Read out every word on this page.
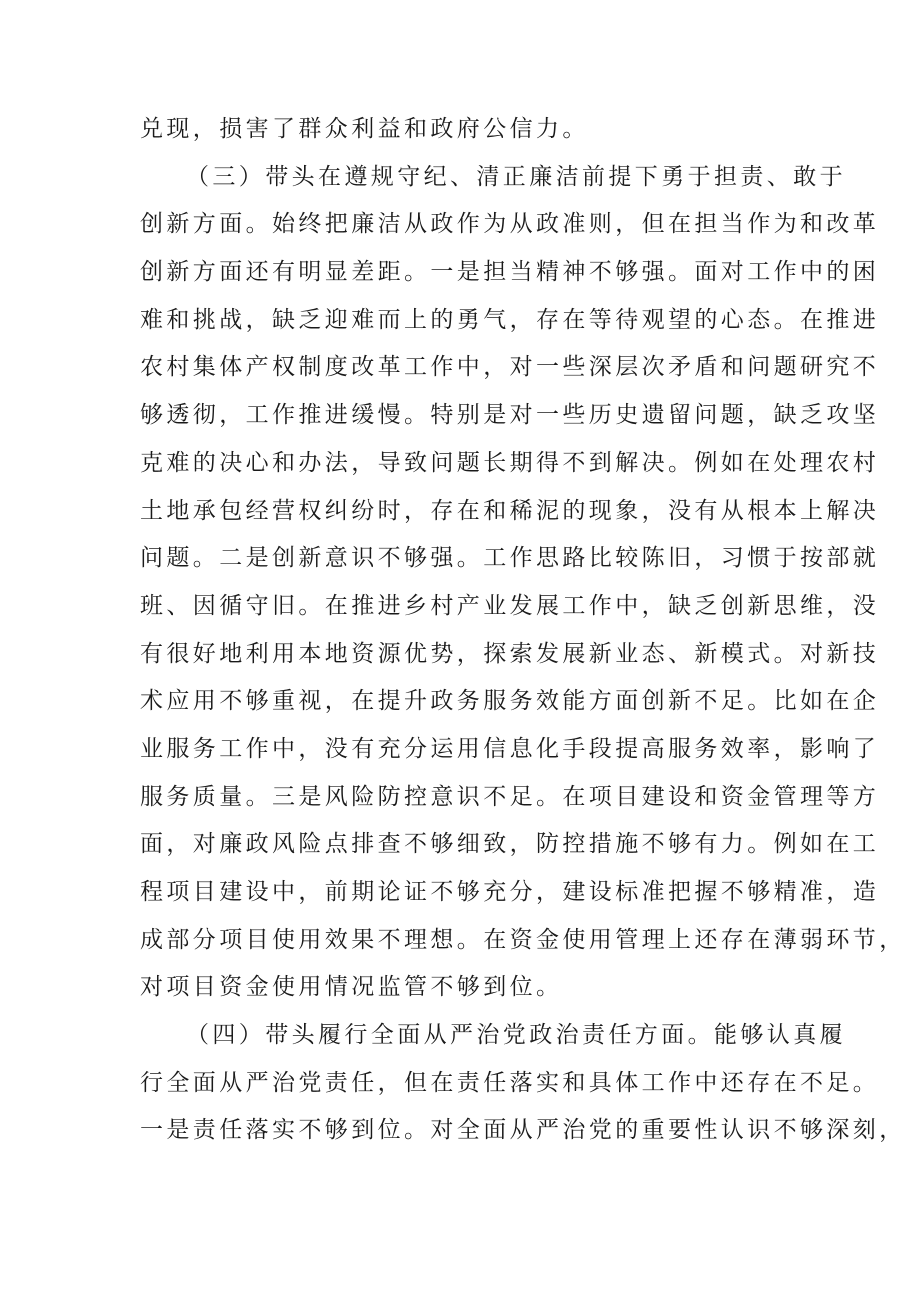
兑现，损害了群众利益和政府公信力。
（三）带头在遵规守纪、清正廉洁前提下勇于担责、敢于
创新方面。始终把廉洁从政作为从政准则，但在担当作为和改革
创新方面还有明显差距。一是担当精神不够强。面对工作中的困
难和挑战，缺乏迎难而上的勇气，存在等待观望的心态。在推进
农村集体产权制度改革工作中，对一些深层次矛盾和问题研究不
够透彻，工作推进缓慢。特别是对一些历史遗留问题，缺乏攻坚
克难的决心和办法，导致问题长期得不到解决。例如在处理农村
土地承包经营权纠纷时，存在和稀泥的现象，没有从根本上解决
问题。二是创新意识不够强。工作思路比较陈旧，习惯于按部就
班、因循守旧。在推进乡村产业发展工作中，缺乏创新思维，没
有很好地利用本地资源优势，探索发展新业态、新模式。对新技
术应用不够重视，在提升政务服务效能方面创新不足。比如在企
业服务工作中，没有充分运用信息化手段提高服务效率，影响了
服务质量。三是风险防控意识不足。在项目建设和资金管理等方
面，对廉政风险点排查不够细致，防控措施不够有力。例如在工
程项目建设中，前期论证不够充分，建设标准把握不够精准，造
成部分项目使用效果不理想。在资金使用管理上还存在薄弱环节，
对项目资金使用情况监管不够到位。
（四）带头履行全面从严治党政治责任方面。能够认真履
行全面从严治党责任，但在责任落实和具体工作中还存在不足。
一是责任落实不够到位。对全面从严治党的重要性认识不够深刻，
